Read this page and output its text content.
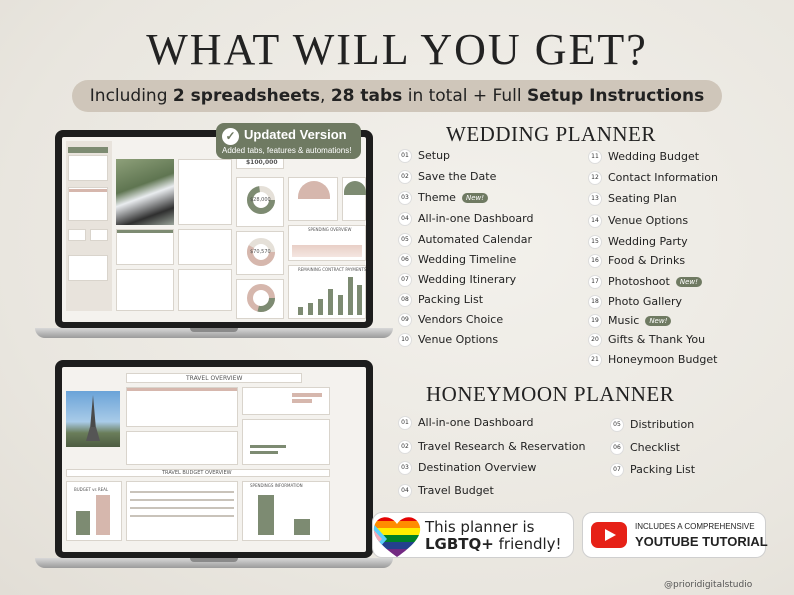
WHAT WILL YOU GET?
Including 2 spreadsheets, 28 tabs in total + Full Setup Instructions
$100,000
$28,000
$70,570
SPENDING OVERVIEW
REMAINING CONTRACT PAYMENTS
✓ Updated Version
Added tabs, features & automations!
TRAVEL OVERVIEW
TRAVEL BUDGET OVERVIEW
BUDGET vs REAL
SPENDINGS INFORMATION
WEDDING PLANNER
01 Setup
02 Save the Date
03 Theme New!
04 All-in-one Dashboard
05 Automated Calendar
06 Wedding Timeline
07 Wedding Itinerary
08 Packing List
09 Vendors Choice
10 Venue Options
11 Wedding Budget
12 Contact Information
13 Seating Plan
14 Venue Options
15 Wedding Party
16 Food & Drinks
17 Photoshoot New!
18 Photo Gallery
19 Music New!
20 Gifts & Thank You
21 Honeymoon Budget
HONEYMOON PLANNER
01 All-in-one Dashboard
02 Travel Research & Reservation
03 Destination Overview
04 Travel Budget
05 Distribution
06 Checklist
07 Packing List
This planner is
LGBTQ+ friendly!
INCLUDES A COMPREHENSIVE
YOUTUBE TUTORIAL
@prioridigitalstudio
